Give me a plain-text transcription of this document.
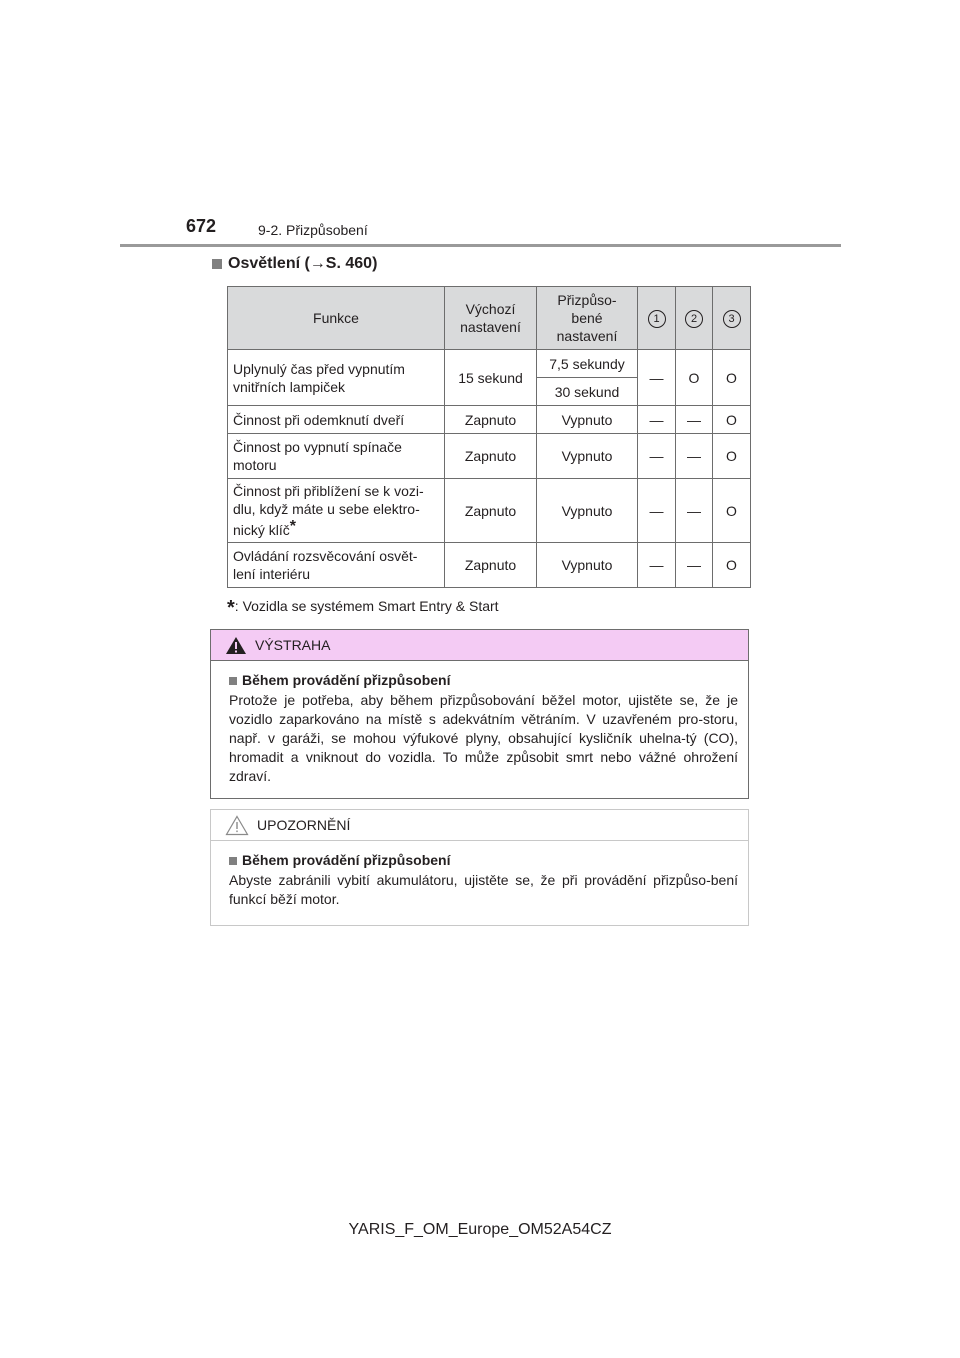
672	9-2. Přizpůsobení
Osvětlení (→S. 460)
Funkce	Výchozí nastavení	Přizpůso-bené nastavení	1	2	3
Uplynulý čas před vypnutím vnitřních lampiček	15 sekund	7,5 sekundy	—	O	O
		30 sekund			
Činnost při odemknutí dveří	Zapnuto	Vypnuto	—	—	O
Činnost po vypnutí spínače motoru	Zapnuto	Vypnuto	—	—	O
Činnost při přiblížení se k vozi-dlu, když máte u sebe elektro-nický klíč*	Zapnuto	Vypnuto	—	—	O
Ovládání rozsvěcování osvět-lení interiéru	Zapnuto	Vypnuto	—	—	O
*: Vozidla se systémem Smart Entry & Start
VÝSTRAHA
Během provádění přizpůsobení
Protože je potřeba, aby během přizpůsobování běžel motor, ujistěte se, že je vozidlo zaparkováno na místě s adekvátním větráním. V uzavřeném pro-storu, např. v garáži, se mohou výfukové plyny, obsahující kysličník uhelna-tý (CO), hromadit a vniknout do vozidla. To může způsobit smrt nebo vážné ohrožení zdraví.
UPOZORNĚNÍ
Během provádění přizpůsobení
Abyste zabránili vybití akumulátoru, ujistěte se, že při provádění přizpůso-bení funkcí běží motor.
YARIS_F_OM_Europe_OM52A54CZ
